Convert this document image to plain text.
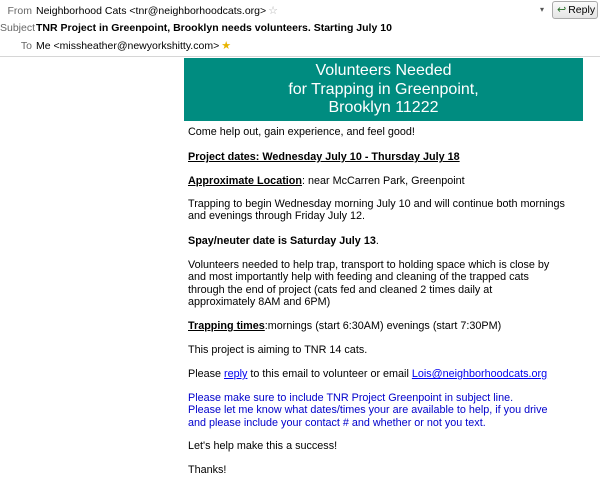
From Neighborhood Cats <tnr@neighborhoodcats.org> ☆
Subject TNR Project in Greenpoint, Brooklyn needs volunteers. Starting July 10
To Me <missheather@newyorkshitty.com> ★
▾	↩ Reply
Volunteers Needed
for Trapping in Greenpoint,
Brooklyn 11222
Come help out, gain experience, and feel good!
Project dates: Wednesday July 10 - Thursday July 18
Approximate Location: near McCarren Park, Greenpoint
Trapping to begin Wednesday morning July 10 and will continue both mornings
and evenings through Friday July 12.
Spay/neuter date is Saturday July 13.
Volunteers needed to help trap, transport to holding space which is close by
and most importantly help with feeding and cleaning of the trapped cats
through the end of project (cats fed and cleaned 2 times daily at
approximately 8AM and 6PM)
Trapping times:mornings (start 6:30AM) evenings (start 7:30PM)
This project is aiming to TNR 14 cats.
Please reply to this email to volunteer or email Lois@neighborhoodcats.org
Please make sure to include TNR Project Greenpoint in subject line.
Please let me know what dates/times your are available to help, if you drive
and please include your contact # and whether or not you text.
Let's help make this a success!
Thanks!
